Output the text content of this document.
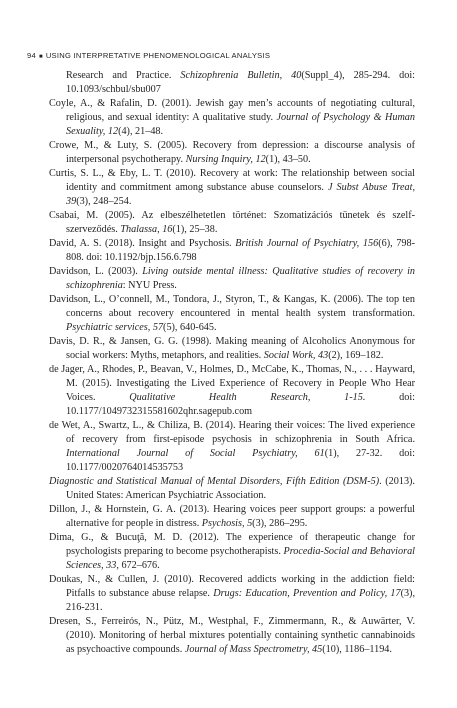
94 ■ USING INTERPRETATIVE PHENOMENOLOGICAL ANALYSIS
Research and Practice. Schizophrenia Bulletin, 40(Suppl_4), 285-294. doi: 10.1093/schbul/sbu007
Coyle, A., & Rafalin, D. (2001). Jewish gay men’s accounts of negotiating cultural, religious, and sexual identity: A qualitative study. Journal of Psychology & Human Sexuality, 12(4), 21–48.
Crowe, M., & Luty, S. (2005). Recovery from depression: a discourse analysis of interpersonal psychotherapy. Nursing Inquiry, 12(1), 43–50.
Curtis, S. L., & Eby, L. T. (2010). Recovery at work: The relationship between social identity and commitment among substance abuse counselors. J Subst Abuse Treat, 39(3), 248–254.
Csabai, M. (2005). Az elbeszélhetetlen történet: Szomatizációs tünetek és szelf-szerveződés. Thalassa, 16(1), 25–38.
David, A. S. (2018). Insight and Psychosis. British Journal of Psychiatry, 156(6), 798-808. doi: 10.1192/bjp.156.6.798
Davidson, L. (2003). Living outside mental illness: Qualitative studies of recovery in schizophrenia: NYU Press.
Davidson, L., O’connell, M., Tondora, J., Styron, T., & Kangas, K. (2006). The top ten concerns about recovery encountered in mental health system transformation. Psychiatric services, 57(5), 640-645.
Davis, D. R., & Jansen, G. G. (1998). Making meaning of Alcoholics Anonymous for social workers: Myths, metaphors, and realities. Social Work, 43(2), 169–182.
de Jager, A., Rhodes, P., Beavan, V., Holmes, D., McCabe, K., Thomas, N., . . . Hayward, M. (2015). Investigating the Lived Experience of Recovery in People Who Hear Voices. Qualitative Health Research, 1-15. doi: 10.1177/1049732315581602qhr.sagepub.com
de Wet, A., Swartz, L., & Chiliza, B. (2014). Hearing their voices: The lived experience of recovery from first-episode psychosis in schizophrenia in South Africa. International Journal of Social Psychiatry, 61(1), 27-32. doi: 10.1177/0020764014535753
Diagnostic and Statistical Manual of Mental Disorders, Fifth Edition (DSM-5). (2013). United States: American Psychiatric Association.
Dillon, J., & Hornstein, G. A. (2013). Hearing voices peer support groups: a powerful alternative for people in distress. Psychosis, 5(3), 286–295.
Dima, G., & Bucuţă, M. D. (2012). The experience of therapeutic change for psychologists preparing to become psychotherapists. Procedia-Social and Behavioral Sciences, 33, 672–676.
Doukas, N., & Cullen, J. (2010). Recovered addicts working in the addiction field: Pitfalls to substance abuse relapse. Drugs: Education, Prevention and Policy, 17(3), 216-231.
Dresen, S., Ferreirós, N., Pütz, M., Westphal, F., Zimmermann, R., & Auwärter, V. (2010). Monitoring of herbal mixtures potentially containing synthetic cannabinoids as psychoactive compounds. Journal of Mass Spectrometry, 45(10), 1186–1194.
